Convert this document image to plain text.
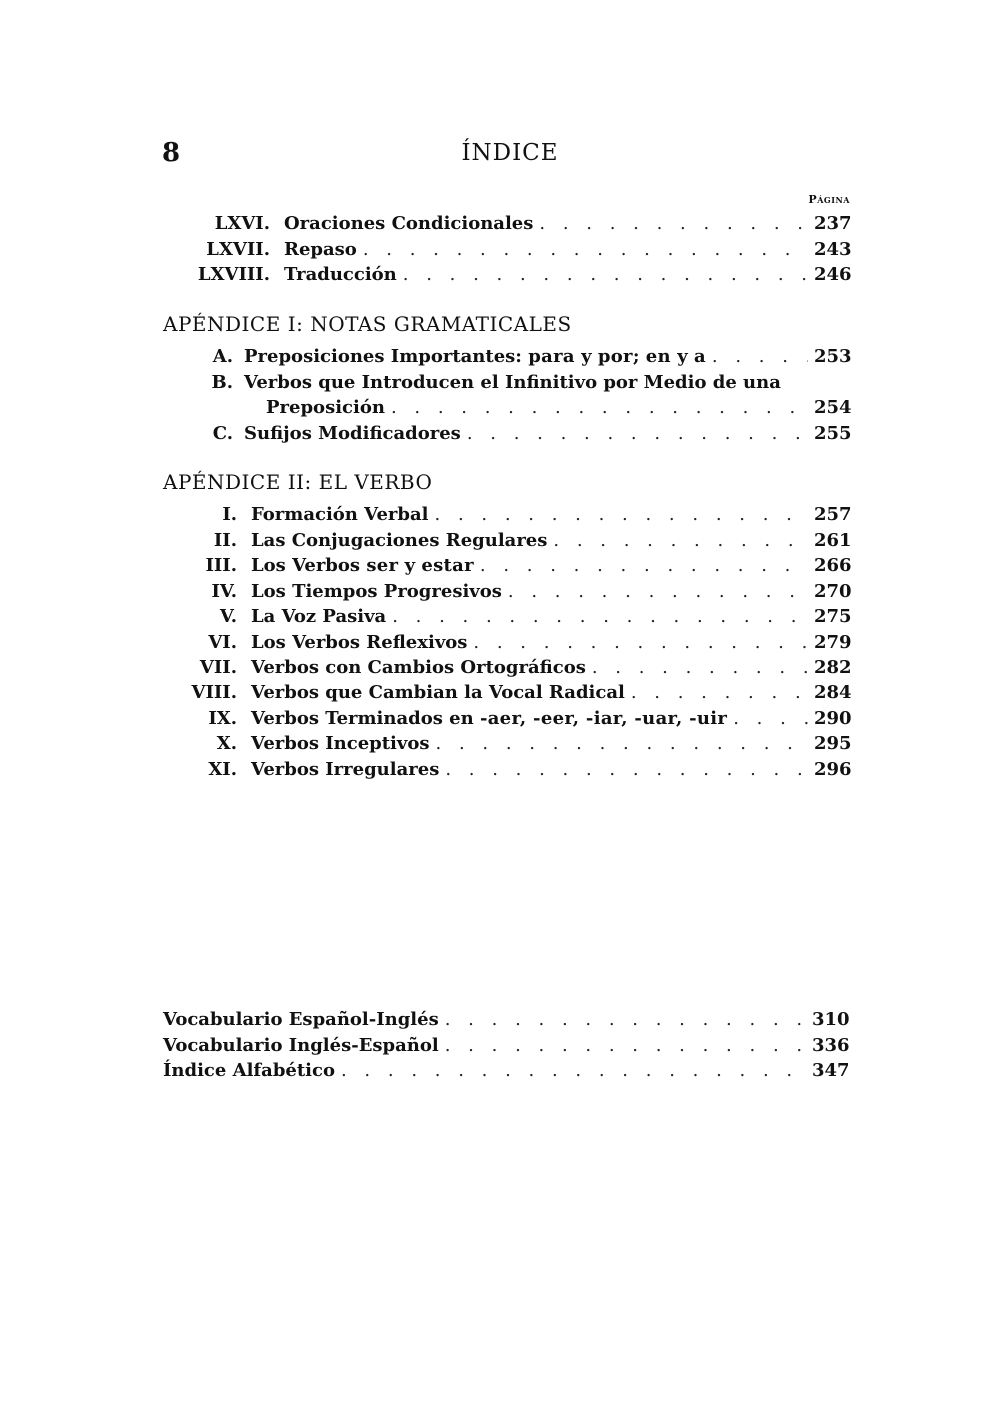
8	ÍNDICE
Página
LXVI. Oraciones Condicionales . . .	237
LXVII. Repaso . . .	243
LXVIII. Traducción . . .	246
APÉNDICE I: NOTAS GRAMATICALES
A. Preposiciones Importantes: para y por; en y a . . .	253
B. Verbos que Introducen el Infinitivo por Medio de una
Preposición . . .	254
C. Sufijos Modificadores . . .	255
APÉNDICE II: EL VERBO
I. Formación Verbal . . .	257
II. Las Conjugaciones Regulares . . .	261
III. Los Verbos ser y estar . . .	266
IV. Los Tiempos Progresivos . . .	270
V. La Voz Pasiva . . .	275
VI. Los Verbos Reflexivos . . .	279
VII. Verbos con Cambios Ortográficos . . .	282
VIII. Verbos que Cambian la Vocal Radical . . .	284
IX. Verbos Terminados en -aer, -eer, -iar, -uar, -uir . . .	290
X. Verbos Inceptivos . . .	295
XI. Verbos Irregulares . . .	296
Vocabulario Español-Inglés . . .	310
Vocabulario Inglés-Español . . .	336
Índice Alfabético . . .	347
